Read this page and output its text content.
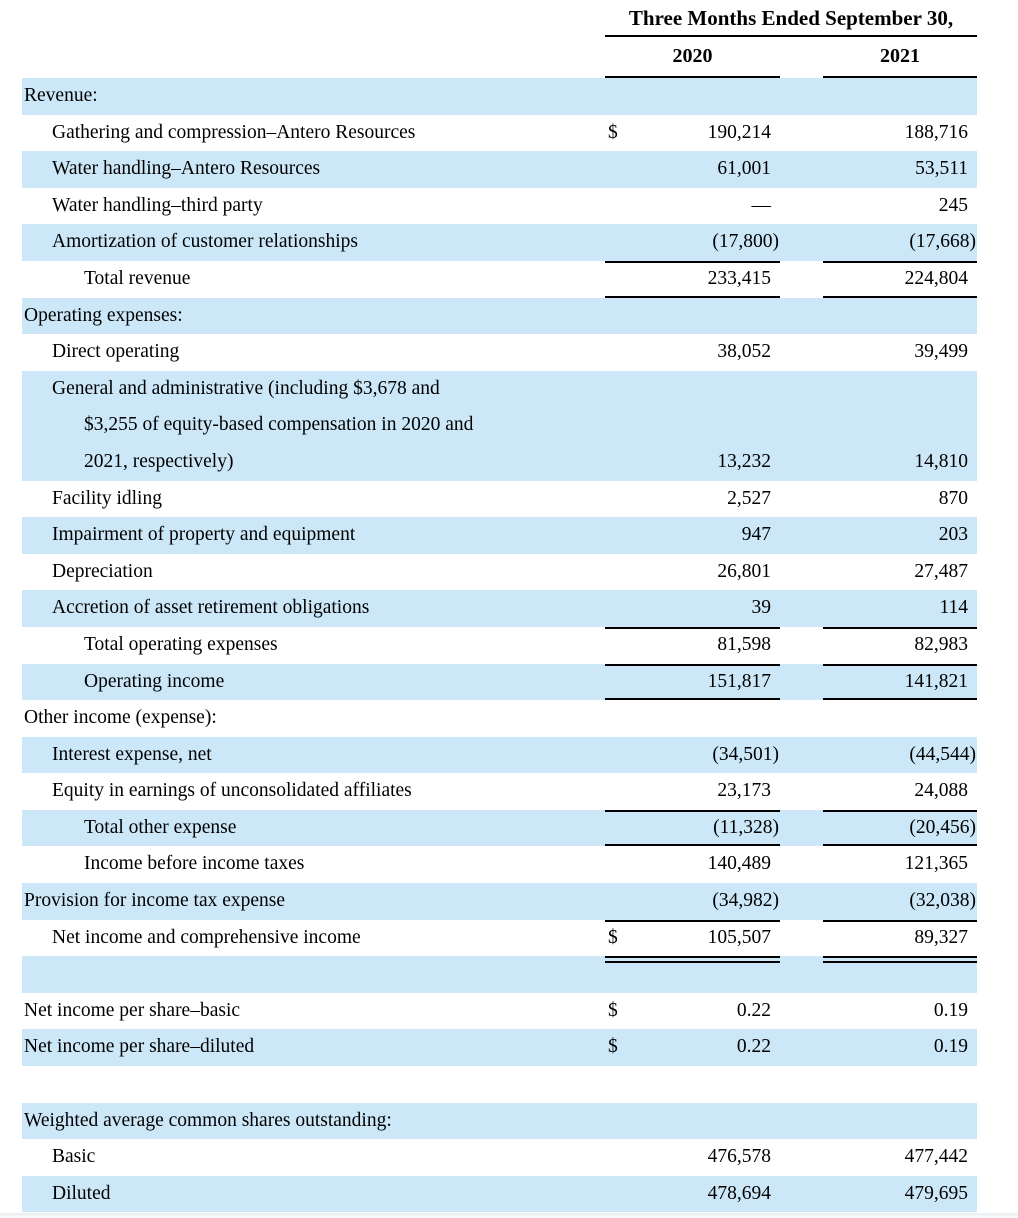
Three Months Ended September 30,
2020	2021
Revenue:
Gathering and compression–Antero Resources	$	190,214	188,716
Water handling–Antero Resources	61,001	53,511
Water handling–third party	—	245
Amortization of customer relationships	(17,800)	(17,668)
Total revenue	233,415	224,804
Operating expenses:
Direct operating	38,052	39,499
General and administrative (including $3,678 and
$3,255 of equity-based compensation in 2020 and
2021, respectively)	13,232	14,810
Facility idling	2,527	870
Impairment of property and equipment	947	203
Depreciation	26,801	27,487
Accretion of asset retirement obligations	39	114
Total operating expenses	81,598	82,983
Operating income	151,817	141,821
Other income (expense):
Interest expense, net	(34,501)	(44,544)
Equity in earnings of unconsolidated affiliates	23,173	24,088
Total other expense	(11,328)	(20,456)
Income before income taxes	140,489	121,365
Provision for income tax expense	(34,982)	(32,038)
Net income and comprehensive income	$	105,507	89,327
Net income per share–basic	$	0.22	0.19
Net income per share–diluted	$	0.22	0.19
Weighted average common shares outstanding:
Basic	476,578	477,442
Diluted	478,694	479,695
